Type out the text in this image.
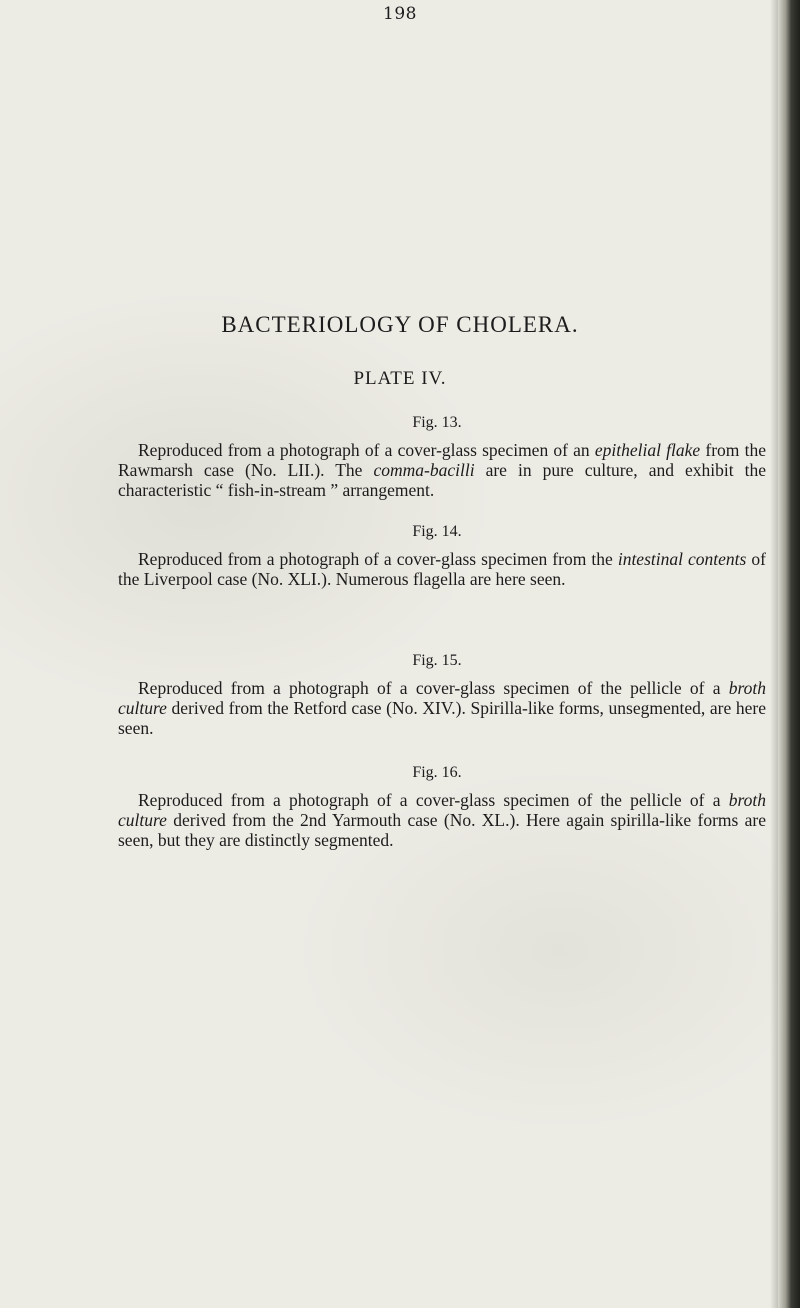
198
BACTERIOLOGY OF CHOLERA.
PLATE IV.
Fig. 13.
Reproduced from a photograph of a cover-glass specimen of an epithelial flake from the Rawmarsh case (No. LII.). The comma-bacilli are in pure culture, and exhibit the characteristic “ fish-in-stream ” arrangement.
Fig. 14.
Reproduced from a photograph of a cover-glass specimen from the intestinal contents of the Liverpool case (No. XLI.). Numerous flagella are here seen.
Fig. 15.
Reproduced from a photograph of a cover-glass specimen of the pellicle of a broth culture derived from the Retford case (No. XIV.). Spirilla-like forms, unsegmented, are here seen.
Fig. 16.
Reproduced from a photograph of a cover-glass specimen of the pellicle of a broth culture derived from the 2nd Yarmouth case (No. XL.). Here again spirilla-like forms are seen, but they are distinctly segmented.
